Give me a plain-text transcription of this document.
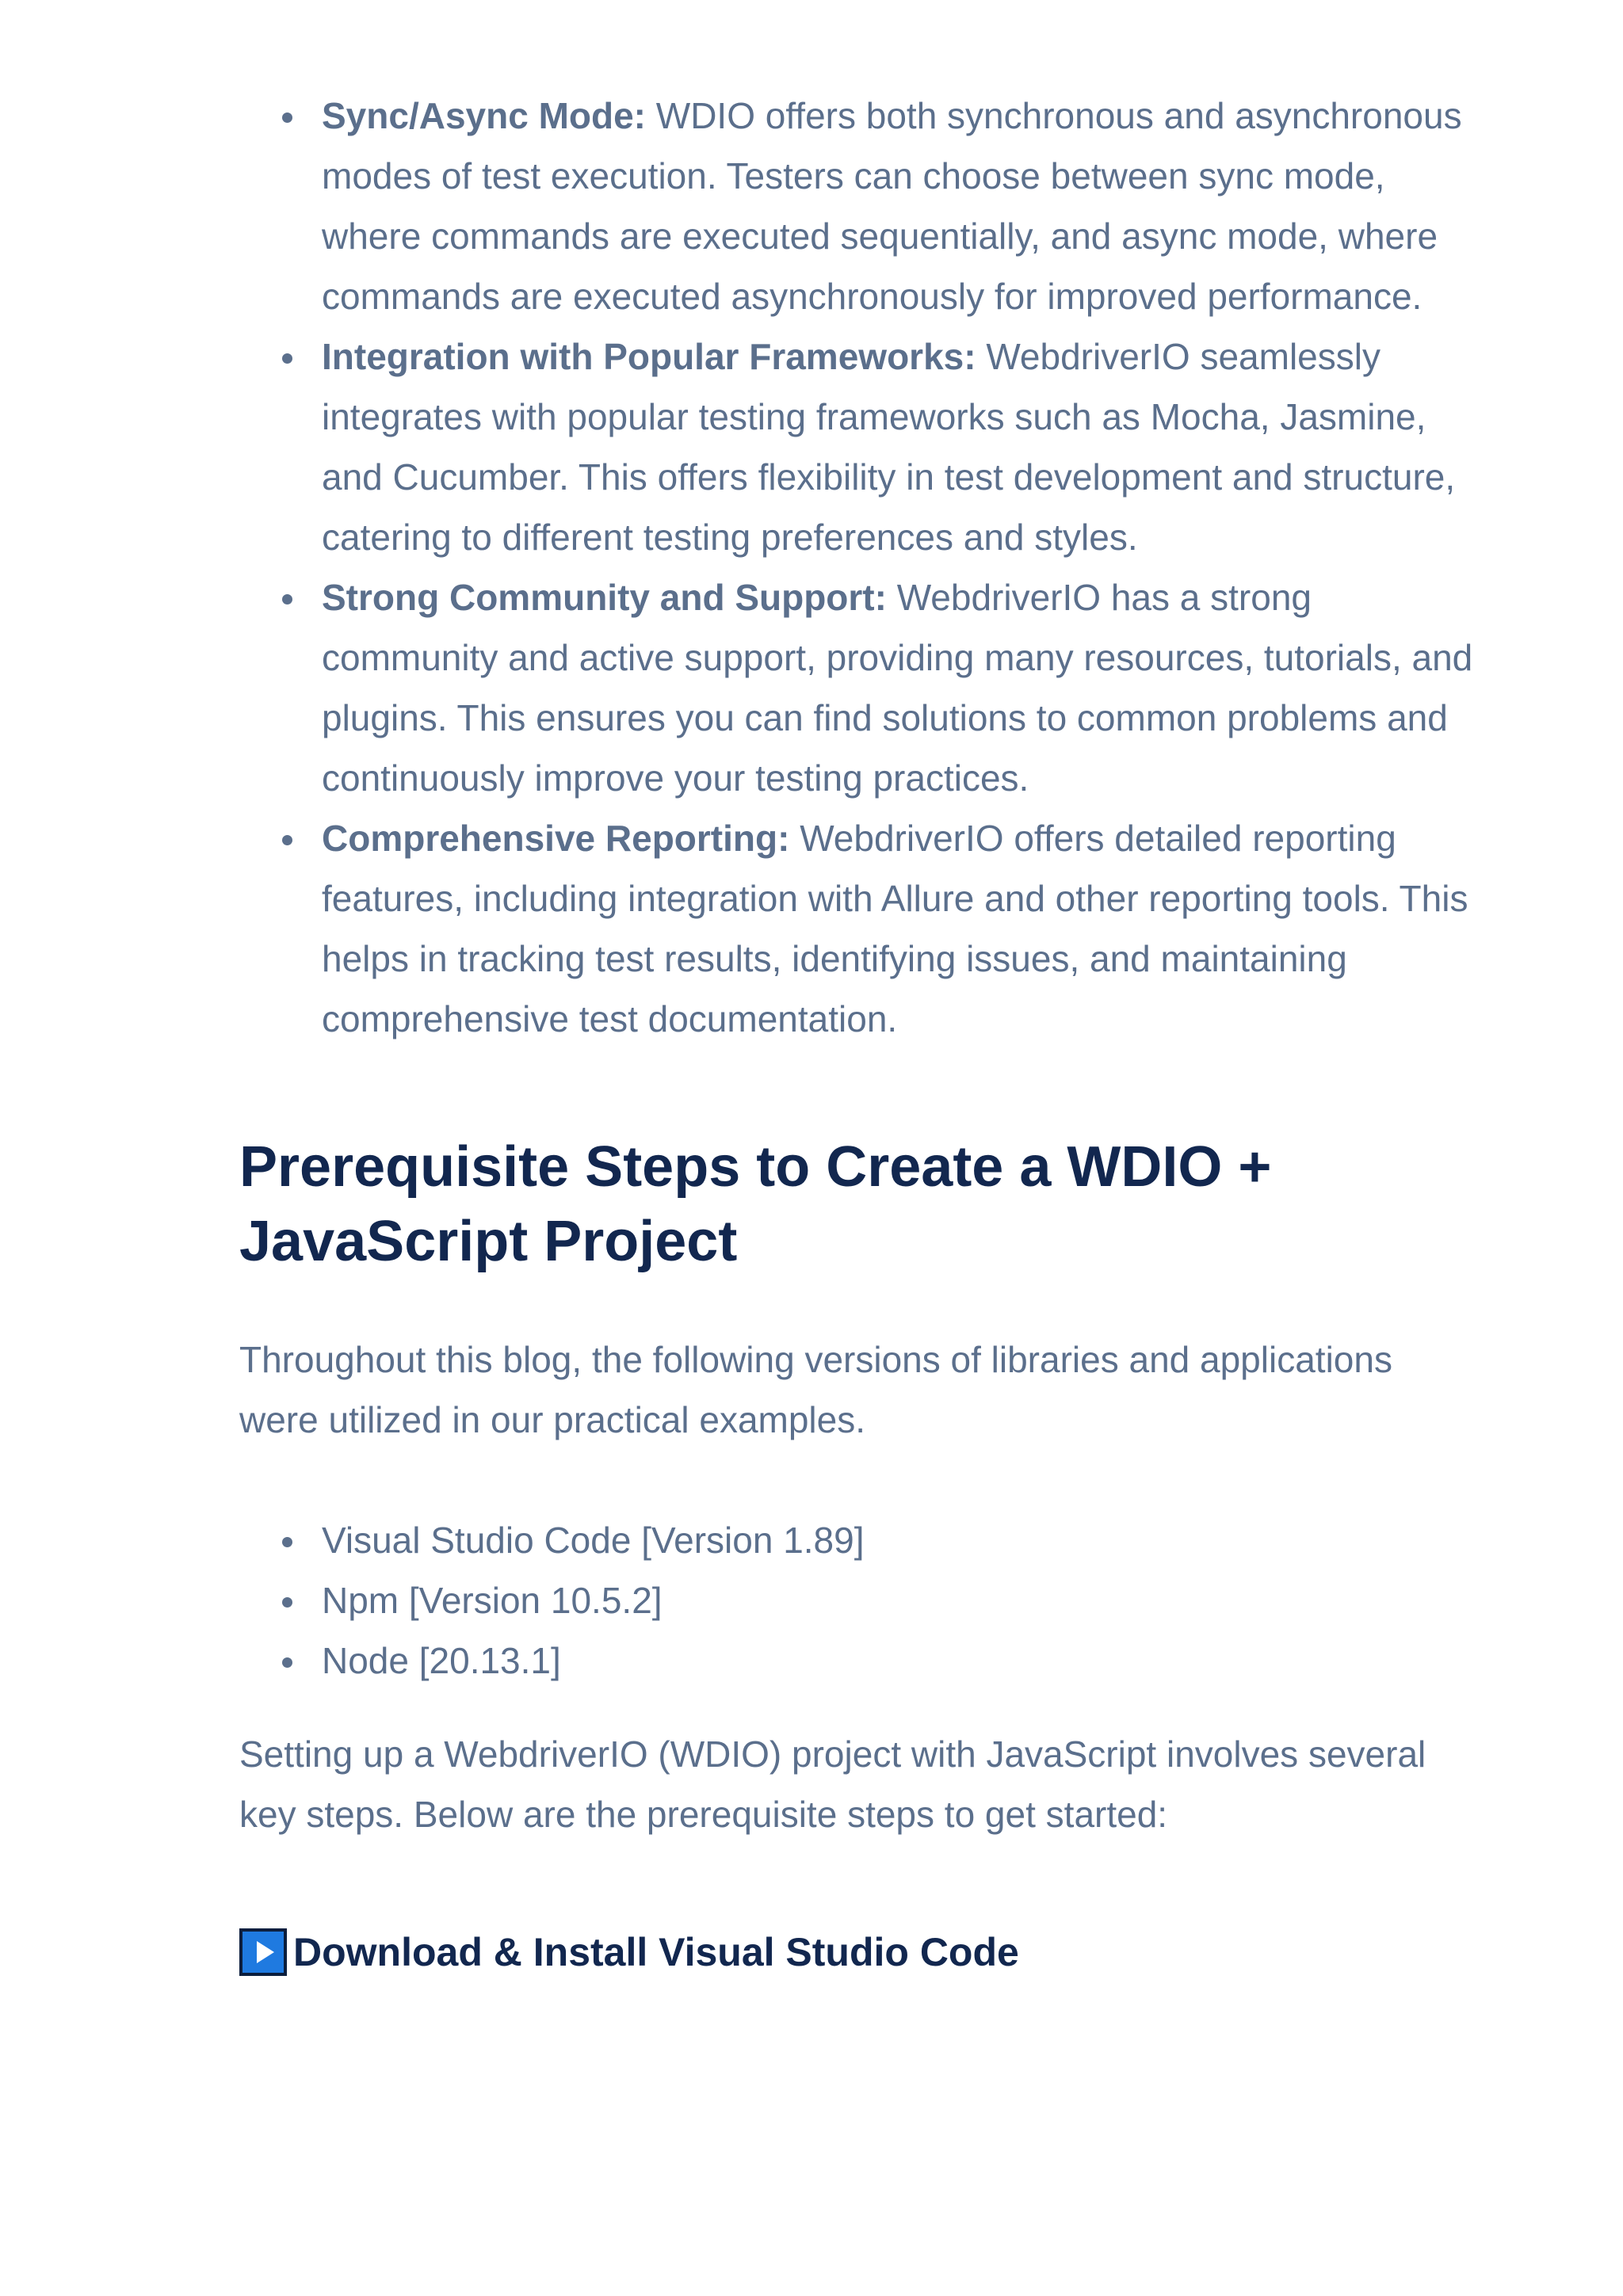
Sync/Async Mode: WDIO offers both synchronous and asynchronous modes of test execution. Testers can choose between sync mode, where commands are executed sequentially, and async mode, where commands are executed asynchronously for improved performance.
Integration with Popular Frameworks: WebdriverIO seamlessly integrates with popular testing frameworks such as Mocha, Jasmine, and Cucumber. This offers flexibility in test development and structure, catering to different testing preferences and styles.
Strong Community and Support: WebdriverIO has a strong community and active support, providing many resources, tutorials, and plugins. This ensures you can find solutions to common problems and continuously improve your testing practices.
Comprehensive Reporting: WebdriverIO offers detailed reporting features, including integration with Allure and other reporting tools. This helps in tracking test results, identifying issues, and maintaining comprehensive test documentation.
Prerequisite Steps to Create a WDIO + JavaScript Project

Throughout this blog, the following versions of libraries and applications were utilized in our practical examples.

Visual Studio Code [Version 1.89]
Npm [Version 10.5.2]
Node [20.13.1]

Setting up a WebdriverIO (WDIO) project with JavaScript involves several key steps. Below are the prerequisite steps to get started:

Download & Install Visual Studio Code
